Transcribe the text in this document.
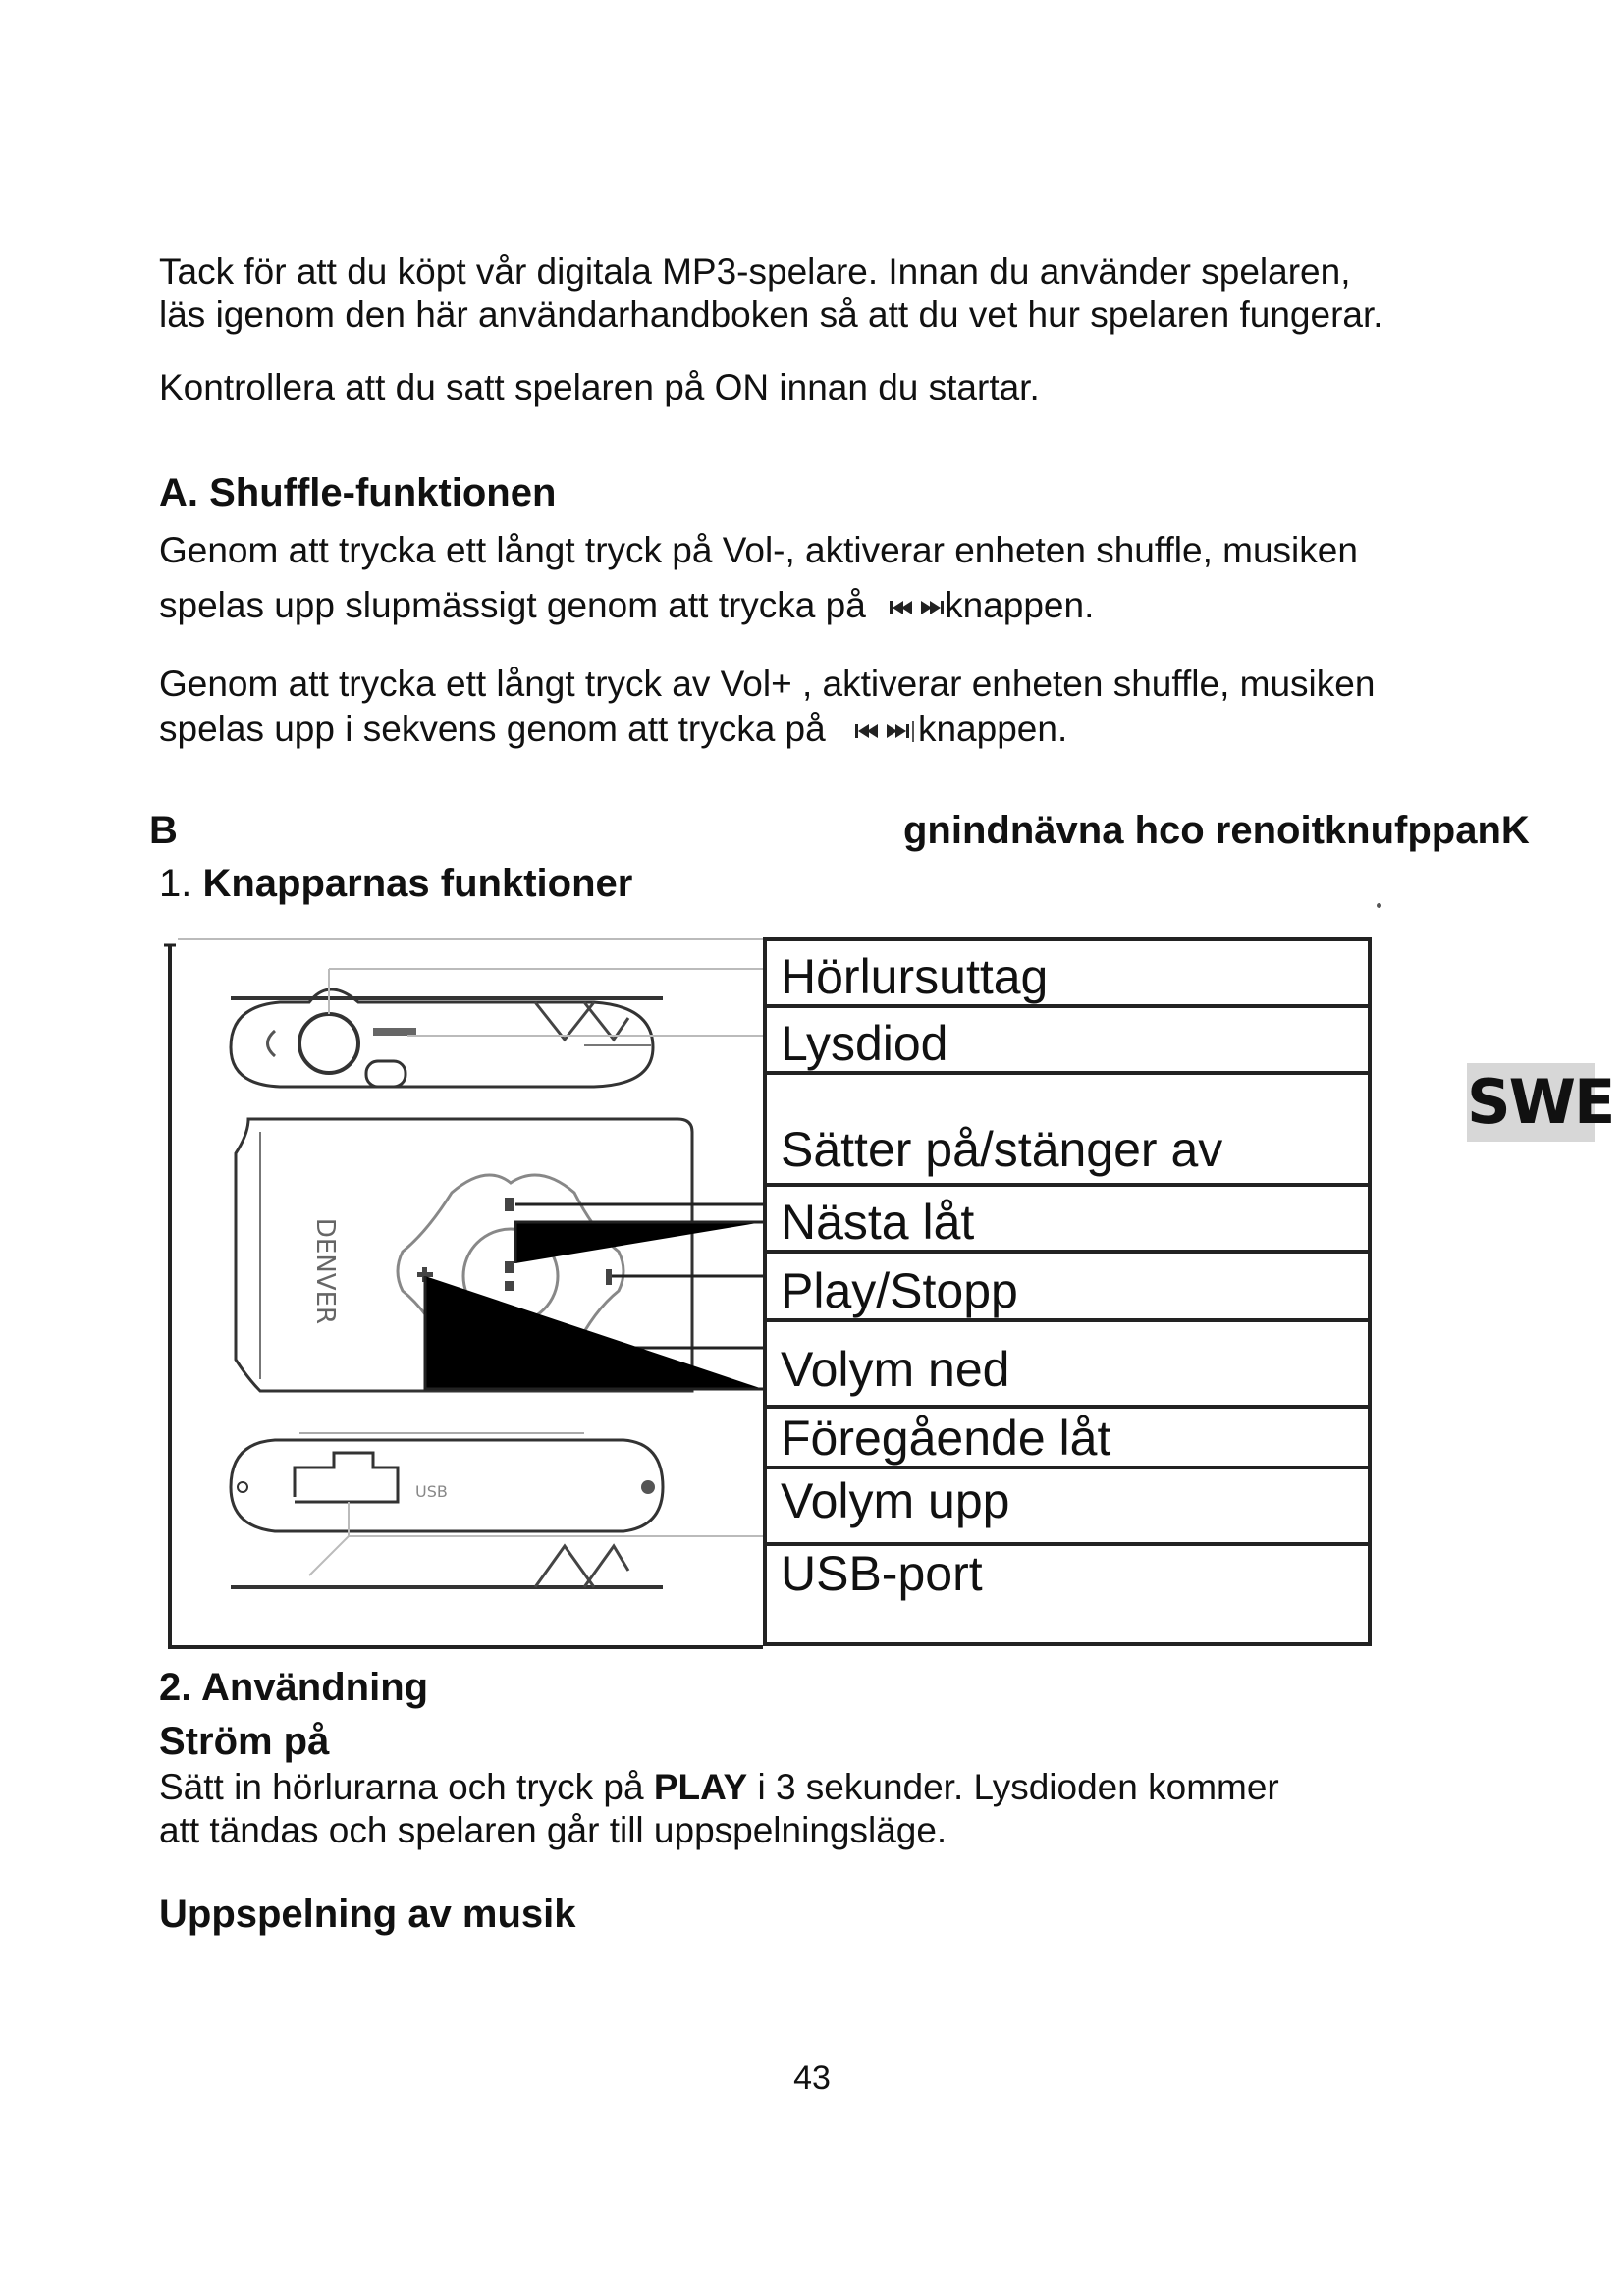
Tack för att du köpt vår digitala MP3-spelare. Innan du använder spelaren,

läs igenom den här användarhandboken så att du vet hur spelaren fungerar.

Kontrollera att du satt spelaren på ON innan du startar.

A. Shuffle-funktionen

Genom att trycka ett långt tryck på Vol-, aktiverar enheten shuffle, musiken

spelas upp slupmässigt genom att trycka på knappen.

Genom att trycka ett långt tryck av Vol+ , aktiverar enheten shuffle, musiken

spelas upp i sekvens genom att trycka på	knappen.

B	gnindnävna hco renoitknufppanK

1. Knapparnas funktioner

DENVER
USB
Hörlursuttag
Lysdiod
Sätter på/stänger av
Nästa låt
Play/Stopp
Volym ned
Föregående låt
Volym upp
USB-port
SWE

2. Användning

Ström på

Sätt in hörlurarna och tryck på PLAY i 3 sekunder. Lysdioden kommer

att tändas och spelaren går till uppspelningsläge.

Uppspelning av musik

43
